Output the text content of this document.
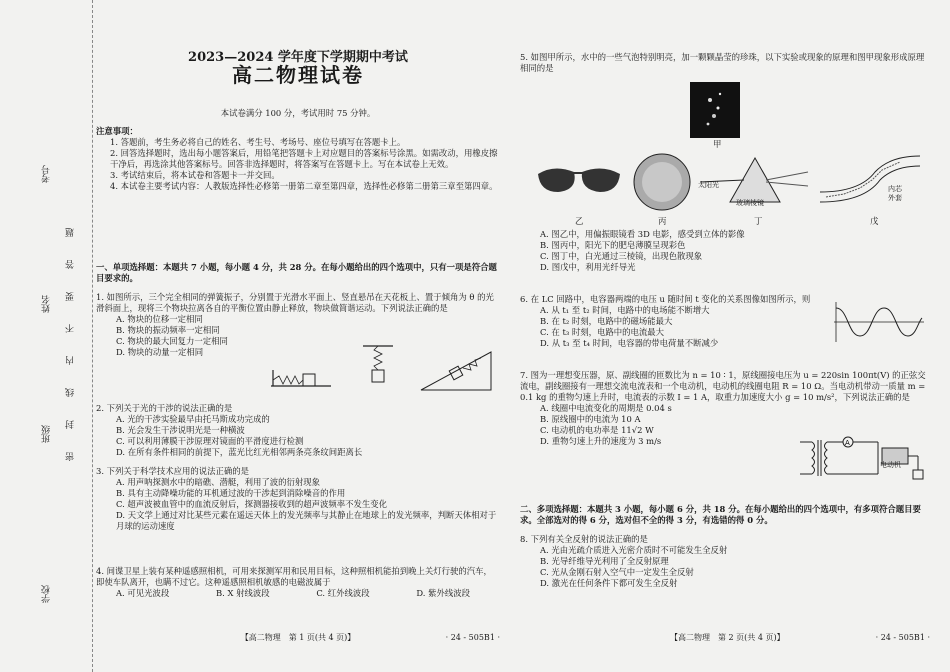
考号
姓名
班级
学校
题
答
要
不
内
线
封
密
2023—2024 学年度下学期期中考试
高二物理试卷
本试卷满分 100 分，考试用时 75 分钟。
注意事项：
1. 答题前，考生务必将自己的姓名、考生号、考场号、座位号填写在答题卡上。
2. 回答选择题时，选出每小题答案后，用铅笔把答题卡上对应题目的答案标号涂黑。如需改动，用橡皮擦干净后，再选涂其他答案标号。回答非选择题时，将答案写在答题卡上。写在本试卷上无效。
3. 考试结束后，将本试卷和答题卡一并交回。
4. 本试卷主要考试内容：人教版选择性必修第一册第二章至第四章，选择性必修第二册第三章至第四章。
一、单项选择题：本题共 7 小题，每小题 4 分，共 28 分。在每小题给出的四个选项中，只有一项是符合题目要求的。
1. 如图所示，三个完全相同的弹簧振子，分别置于光滑水平面上、竖直悬吊在天花板上、置于倾角为 θ 的光滑斜面上，现将三个物块拉离各自的平衡位置由静止释放，物块做简谐运动。下列说法正确的是
A. 物块的位移一定相同
B. 物块的振动频率一定相同
C. 物块的最大回复力一定相同
D. 物块的动量一定相同
2. 下列关于光的干涉的说法正确的是
A. 光的干涉实验最早由托马斯成功完成的
B. 光会发生干涉说明光是一种横波
C. 可以利用薄膜干涉原理对镜面的平滑度进行检测
D. 在所有条件相同的前提下，蓝光比红光相邻两条亮条纹间距离长
3. 下列关于科学技术应用的说法正确的是
A. 用声呐探测水中的暗礁、潜艇，利用了波的衍射现象
B. 具有主动降噪功能的耳机通过波的干涉起到消除噪音的作用
C. 超声波被血管中的血流反射后，探测器接收到的超声波频率不发生变化
D. 天文学上通过对比某些元素在遥远天体上的发光频率与其静止在地球上的发光频率，判断天体相对于月球的运动速度
4. 间谍卫星上装有某种遥感照相机，可用来探测军用和民用目标，这种照相机能拍到晚上关灯行驶的汽车，即使车队离开，也瞒不过它。这种遥感照相机敏感的电磁波属于
A. 可见光波段	B. X 射线波段	C. 红外线波段	D. 紫外线波段
【高二物理　第 1 页(共 4 页)】	· 24 - 505B1 ·
5. 如图甲所示，水中的一些气泡特别明亮，加一颗颗晶莹的珍珠，以下实验或现象的原理和图甲现象形成原理相同的是
甲
乙	丙
太阳光
玻璃棱镜
丁
内芯
外套
戊
A. 图乙中，用偏振眼镜看 3D 电影，感受到立体的影像
B. 图丙中，阳光下的肥皂薄膜呈现彩色
C. 图丁中，白光通过三棱镜，出现色散现象
D. 图戊中，利用光纤导光
6. 在 LC 回路中，电容器两端的电压 u 随时间 t 变化的关系图像如图所示，则
A. 从 t₁ 至 t₂ 时间，电路中的电场能不断增大
B. 在 t₂ 时刻，电路中的磁场能最大
C. 在 t₃ 时刻，电路中的电流最大
D. 从 t₃ 至 t₄ 时间，电容器的带电荷量不断减少
7. 图为一理想变压器，原、副线圈的匝数比为 n = 10 ∶ 1，原线圈接电压为 u = 220sin 100πt(V) 的正弦交流电，副线圈接有一理想交流电流表和一个电动机，电动机的线圈电阻 R = 10 Ω。当电动机带动一质量 m = 0.1 kg 的重物匀速上升时，电流表的示数 I = 1 A，取重力加速度大小 g = 10 m/s²，下列说法正确的是
A. 线圈中电流变化的周期是 0.04 s
B. 原线圈中的电流为 10 A
C. 电动机的电功率是 11√2 W
D. 重物匀速上升的速度为 3 m/s	A
电动机
二、多项选择题：本题共 3 小题，每小题 6 分，共 18 分。在每小题给出的四个选项中，有多项符合题目要求。全部选对的得 6 分，选对但不全的得 3 分，有选错的得 0 分。
8. 下列有关全反射的说法正确的是
A. 光由光疏介质进入光密介质时不可能发生全反射
B. 光导纤维导光利用了全反射原理
C. 光从金刚石射入空气中一定发生全反射
D. 激光在任何条件下都可发生全反射
【高二物理　第 2 页(共 4 页)】	· 24 - 505B1 ·
